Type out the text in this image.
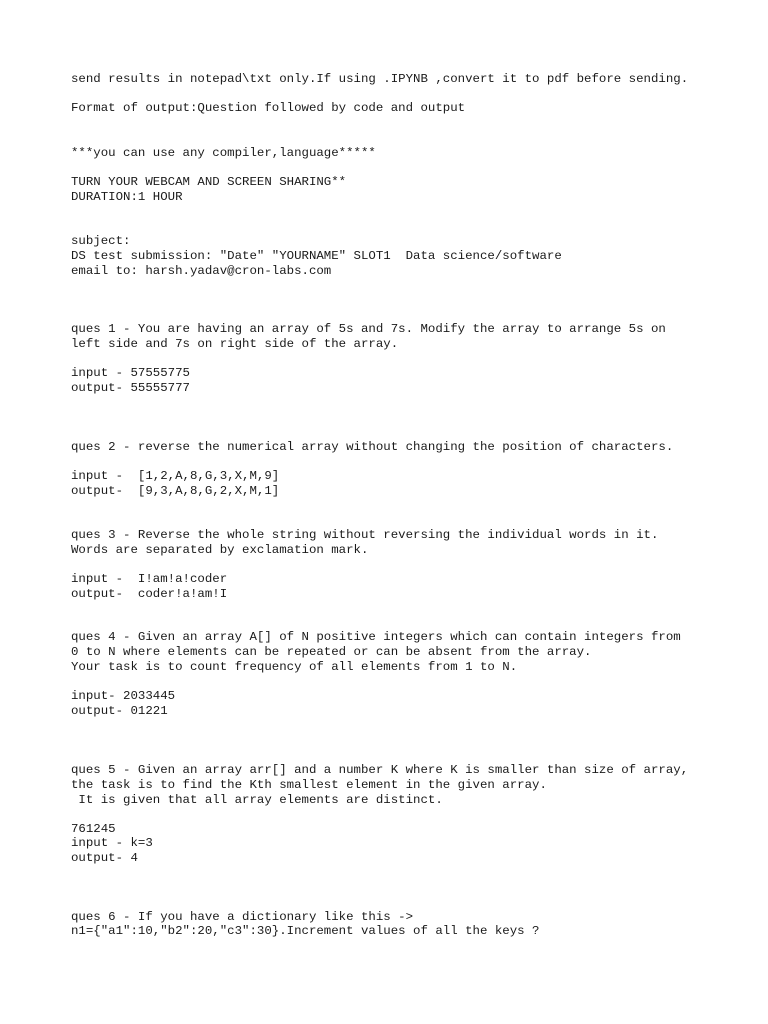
send results in notepad\txt only.If using .IPYNB ,convert it to pdf before sending.

Format of output:Question followed by code and output

***you can use any compiler,language*****

TURN YOUR WEBCAM AND SCREEN SHARING**

DURATION:1 HOUR

subject:

DS test submission: "Date" "YOURNAME" SLOT1  Data science/software

email to: harsh.yadav@cron-labs.com

ques 1 - You are having an array of 5s and 7s. Modify the array to arrange 5s on

left side and 7s on right side of the array.

input - 57555775

output- 55555777

ques 2 - reverse the numerical array without changing the position of characters.

input -  [1,2,A,8,G,3,X,M,9]

output-  [9,3,A,8,G,2,X,M,1]

ques 3 - Reverse the whole string without reversing the individual words in it.

Words are separated by exclamation mark.

input -  I!am!a!coder

output-  coder!a!am!I

ques 4 - Given an array A[] of N positive integers which can contain integers from

0 to N where elements can be repeated or can be absent from the array.

Your task is to count frequency of all elements from 1 to N.

input- 2033445

output- 01221

ques 5 - Given an array arr[] and a number K where K is smaller than size of array,

the task is to find the Kth smallest element in the given array.

It is given that all array elements are distinct.

761245

input - k=3

output- 4

ques 6 - If you have a dictionary like this ->

n1={"a1":10,"b2":20,"c3":30}.Increment values of all the keys ?
